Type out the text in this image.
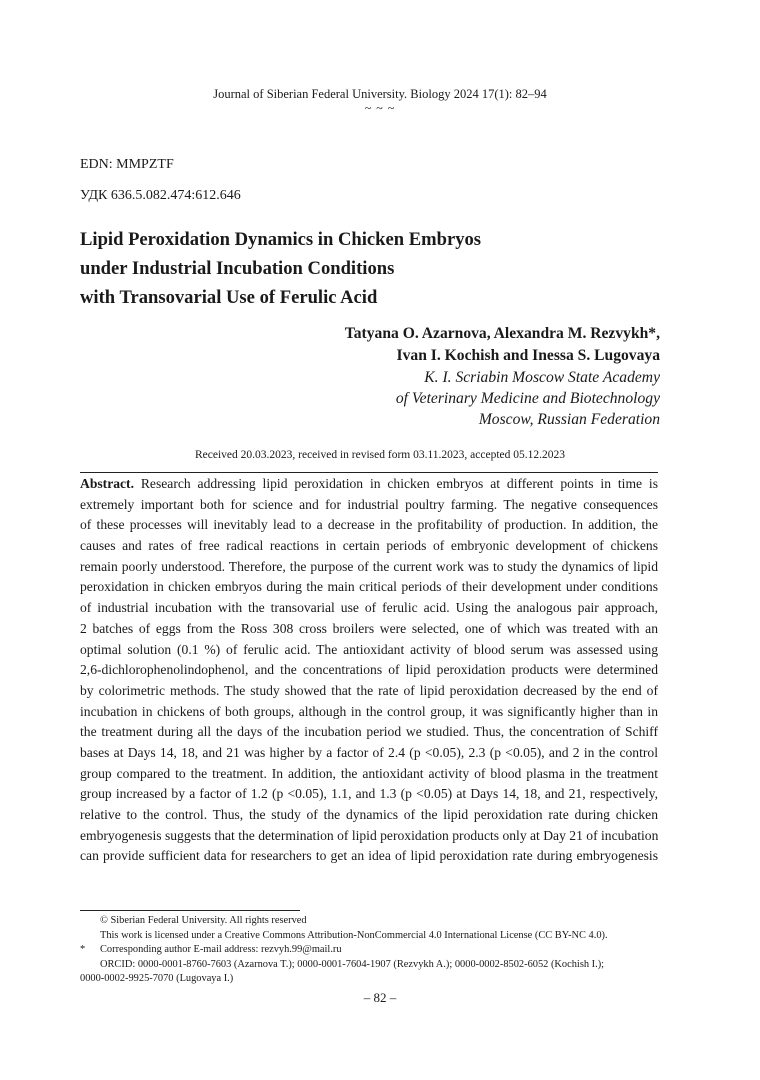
Journal of Siberian Federal University. Biology 2024 17(1): 82–94
~ ~ ~
EDN: MMPZTF
УДК 636.5.082.474:612.646
Lipid Peroxidation Dynamics in Chicken Embryos
under Industrial Incubation Conditions
with Transovarial Use of Ferulic Acid
Tatyana O. Azarnova, Alexandra M. Rezvykh*,
Ivan I. Kochish and Inessa S. Lugovaya
K. I. Scriabin Moscow State Academy
of Veterinary Medicine and Biotechnology
Moscow, Russian Federation
Received 20.03.2023, received in revised form 03.11.2023, accepted 05.12.2023
Abstract. Research addressing lipid peroxidation in chicken embryos at different points in time is
extremely important both for science and for industrial poultry farming. The negative consequences
of these processes will inevitably lead to a decrease in the profitability of production. In addition, the
causes and rates of free radical reactions in certain periods of embryonic development of chickens
remain poorly understood. Therefore, the purpose of the current work was to study the dynamics of lipid
peroxidation in chicken embryos during the main critical periods of their development under conditions
of industrial incubation with the transovarial use of ferulic acid. Using the analogous pair approach,
2 batches of eggs from the Ross 308 cross broilers were selected, one of which was treated with an
optimal solution (0.1 %) of ferulic acid. The antioxidant activity of blood serum was assessed using
2,6-dichlorophenolindophenol, and the concentrations of lipid peroxidation products were determined
by colorimetric methods. The study showed that the rate of lipid peroxidation decreased by the end of
incubation in chickens of both groups, although in the control group, it was significantly higher than in
the treatment during all the days of the incubation period we studied. Thus, the concentration of Schiff
bases at Days 14, 18, and 21 was higher by a factor of 2.4 (p <0.05), 2.3 (p <0.05), and 2 in the control
group compared to the treatment. In addition, the antioxidant activity of blood plasma in the treatment
group increased by a factor of 1.2 (p <0.05), 1.1, and 1.3 (p <0.05) at Days 14, 18, and 21, respectively,
relative to the control. Thus, the study of the dynamics of the lipid peroxidation rate during chicken
embryogenesis suggests that the determination of lipid peroxidation products only at Day 21 of incubation
can provide sufficient data for researchers to get an idea of lipid peroxidation rate during embryogenesis
© Siberian Federal University. All rights reserved
This work is licensed under a Creative Commons Attribution-NonCommercial 4.0 International License (CC BY-NC 4.0).
* Corresponding author E-mail address: rezvyh.99@mail.ru
ORCID: 0000-0001-8760-7603 (Azarnova T.); 0000-0001-7604-1907 (Rezvykh A.); 0000-0002-8502-6052 (Kochish I.);
0000-0002-9925-7070 (Lugovaya I.)
– 82 –
